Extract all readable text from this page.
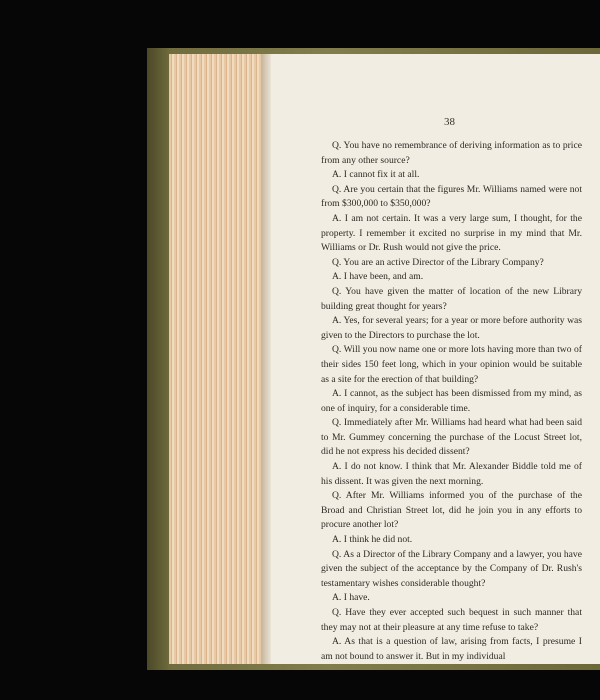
38

Q. You have no remembrance of deriving information as to price from any other source?

A. I cannot fix it at all.

Q. Are you certain that the figures Mr. Williams named were not from $300,000 to $350,000?

A. I am not certain. It was a very large sum, I thought, for the property. I remember it excited no surprise in my mind that Mr. Williams or Dr. Rush would not give the price.

Q. You are an active Director of the Library Company?

A. I have been, and am.

Q. You have given the matter of location of the new Library building great thought for years?

A. Yes, for several years; for a year or more before authority was given to the Directors to purchase the lot.

Q. Will you now name one or more lots having more than two of their sides 150 feet long, which in your opinion would be suitable as a site for the erection of that building?

A. I cannot, as the subject has been dismissed from my mind, as one of inquiry, for a considerable time.

Q. Immediately after Mr. Williams had heard what had been said to Mr. Gummey concerning the purchase of the Locust Street lot, did he not express his decided dissent?

A. I do not know. I think that Mr. Alexander Biddle told me of his dissent. It was given the next morning.

Q. After Mr. Williams informed you of the purchase of the Broad and Christian Street lot, did he join you in any efforts to procure another lot?

A. I think he did not.

Q. As a Director of the Library Company and a lawyer, you have given the subject of the acceptance by the Company of Dr. Rush's testamentary wishes considerable thought?

A. I have.

Q. Have they ever accepted such bequest in such manner that they may not at their pleasure at any time refuse to take?

A. As that is a question of law, arising from facts, I presume I am not bound to answer it. But in my individual
